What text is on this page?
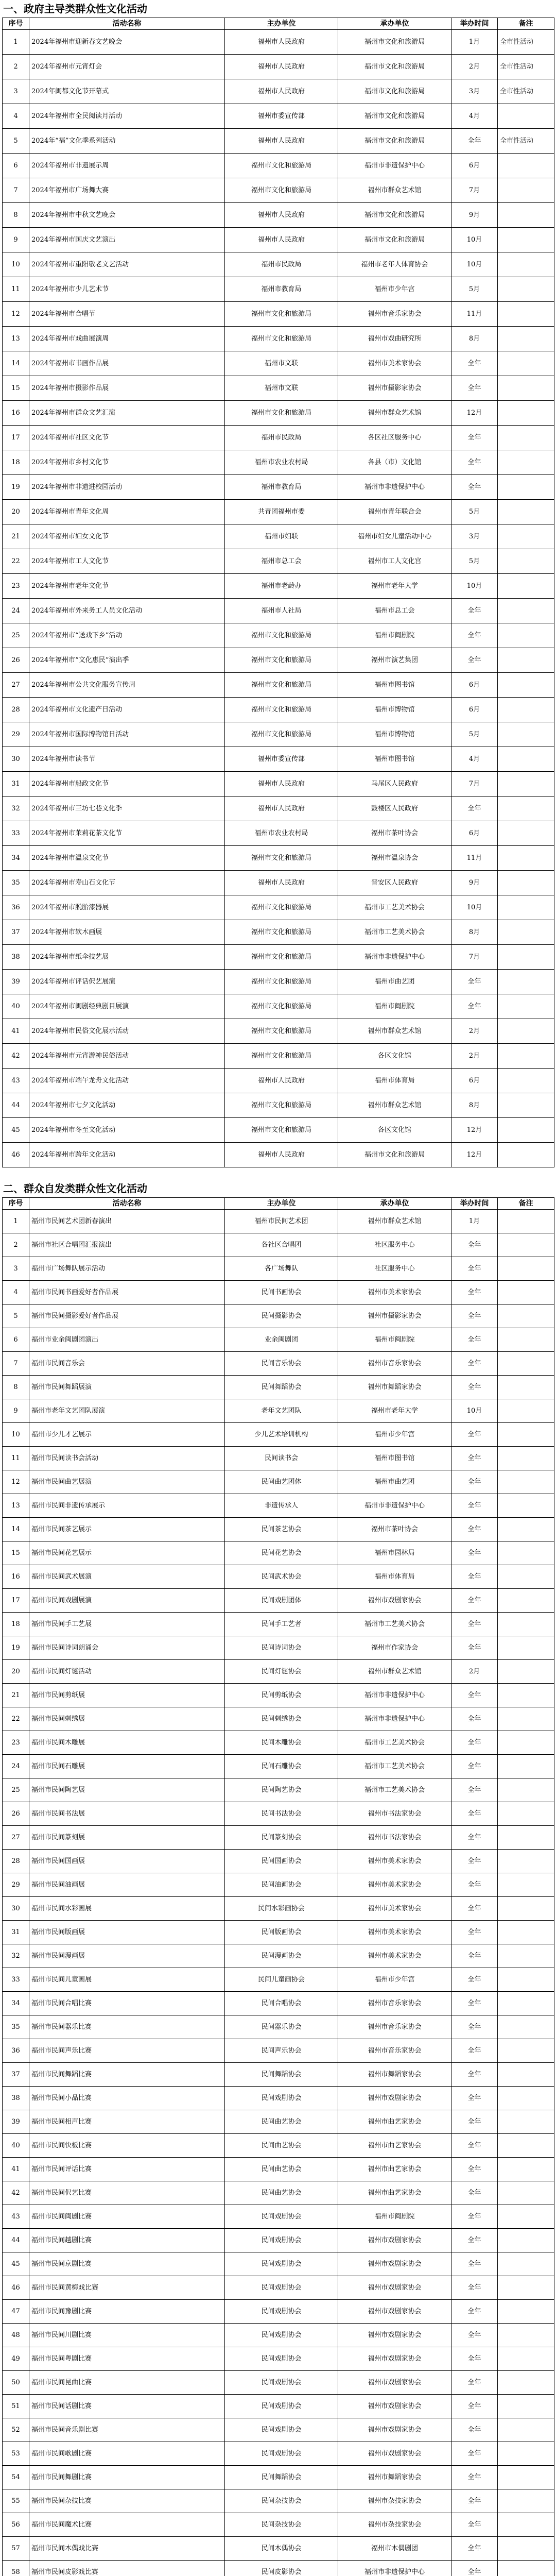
一、政府主导类群众性文化活动
序号	活动名称	主办单位	承办单位	举办时间	备注
1	2024年福州市迎新春文艺晚会	福州市人民政府	福州市文化和旅游局	1月	全市性活动
2	2024年福州市元宵灯会	福州市人民政府	福州市文化和旅游局	2月	全市性活动
3	2024年闽都文化节开幕式	福州市人民政府	福州市文化和旅游局	3月	全市性活动
4	2024年福州市全民阅读月活动	福州市委宣传部	福州市文化和旅游局	4月	
5	2024年“福”文化季系列活动	福州市人民政府	福州市文化和旅游局	全年	全市性活动
6	2024年福州市非遗展示周	福州市文化和旅游局	福州市非遗保护中心	6月	
7	2024年福州市广场舞大赛	福州市文化和旅游局	福州市群众艺术馆	7月	
8	2024年福州市中秋文艺晚会	福州市人民政府	福州市文化和旅游局	9月	
9	2024年福州市国庆文艺演出	福州市人民政府	福州市文化和旅游局	10月	
10	2024年福州市重阳敬老文艺活动	福州市民政局	福州市老年人体育协会	10月	
11	2024年福州市少儿艺术节	福州市教育局	福州市少年宫	5月	
12	2024年福州市合唱节	福州市文化和旅游局	福州市音乐家协会	11月	
13	2024年福州市戏曲展演周	福州市文化和旅游局	福州市戏曲研究所	8月	
14	2024年福州市书画作品展	福州市文联	福州市美术家协会	全年	
15	2024年福州市摄影作品展	福州市文联	福州市摄影家协会	全年	
16	2024年福州市群众文艺汇演	福州市文化和旅游局	福州市群众艺术馆	12月	
17	2024年福州市社区文化节	福州市民政局	各区社区服务中心	全年	
18	2024年福州市乡村文化节	福州市农业农村局	各县（市）文化馆	全年	
19	2024年福州市非遗进校园活动	福州市教育局	福州市非遗保护中心	全年	
20	2024年福州市青年文化周	共青团福州市委	福州市青年联合会	5月	
21	2024年福州市妇女文化节	福州市妇联	福州市妇女儿童活动中心	3月	
22	2024年福州市工人文化节	福州市总工会	福州市工人文化宫	5月	
23	2024年福州市老年文化节	福州市老龄办	福州市老年大学	10月	
24	2024年福州市外来务工人员文化活动	福州市人社局	福州市总工会	全年	
25	2024年福州市“送戏下乡”活动	福州市文化和旅游局	福州市闽剧院	全年	
26	2024年福州市“文化惠民”演出季	福州市文化和旅游局	福州市演艺集团	全年	
27	2024年福州市公共文化服务宣传周	福州市文化和旅游局	福州市图书馆	6月	
28	2024年福州市文化遗产日活动	福州市文化和旅游局	福州市博物馆	6月	
29	2024年福州市国际博物馆日活动	福州市文化和旅游局	福州市博物馆	5月	
30	2024年福州市读书节	福州市委宣传部	福州市图书馆	4月	
31	2024年福州市船政文化节	福州市人民政府	马尾区人民政府	7月	
32	2024年福州市三坊七巷文化季	福州市人民政府	鼓楼区人民政府	全年	
33	2024年福州市茉莉花茶文化节	福州市农业农村局	福州市茶叶协会	6月	
34	2024年福州市温泉文化节	福州市文化和旅游局	福州市温泉协会	11月	
35	2024年福州市寿山石文化节	福州市人民政府	晋安区人民政府	9月	
36	2024年福州市脱胎漆器展	福州市文化和旅游局	福州市工艺美术协会	10月	
37	2024年福州市软木画展	福州市文化和旅游局	福州市工艺美术协会	8月	
38	2024年福州市纸伞技艺展	福州市文化和旅游局	福州市非遗保护中心	7月	
39	2024年福州市评话伬艺展演	福州市文化和旅游局	福州市曲艺团	全年	
40	2024年福州市闽剧经典剧目展演	福州市文化和旅游局	福州市闽剧院	全年	
41	2024年福州市民俗文化展示活动	福州市文化和旅游局	福州市群众艺术馆	2月	
42	2024年福州市元宵游神民俗活动	福州市文化和旅游局	各区文化馆	2月	
43	2024年福州市端午龙舟文化活动	福州市人民政府	福州市体育局	6月	
44	2024年福州市七夕文化活动	福州市文化和旅游局	福州市群众艺术馆	8月	
45	2024年福州市冬至文化活动	福州市文化和旅游局	各区文化馆	12月	
46	2024年福州市跨年文化活动	福州市人民政府	福州市文化和旅游局	12月	
二、群众自发类群众性文化活动
序号	活动名称	主办单位	承办单位	举办时间	备注
1	福州市民间艺术团新春演出	福州市民间艺术团	福州市群众艺术馆	1月	
2	福州市社区合唱团汇报演出	各社区合唱团	社区服务中心	全年	
3	福州市广场舞队展示活动	各广场舞队	社区服务中心	全年	
4	福州市民间书画爱好者作品展	民间书画协会	福州市美术家协会	全年	
5	福州市民间摄影爱好者作品展	民间摄影协会	福州市摄影家协会	全年	
6	福州市业余闽剧团演出	业余闽剧团	福州市闽剧院	全年	
7	福州市民间音乐会	民间音乐协会	福州市音乐家协会	全年	
8	福州市民间舞蹈展演	民间舞蹈协会	福州市舞蹈家协会	全年	
9	福州市老年文艺团队展演	老年文艺团队	福州市老年大学	10月	
10	福州市少儿才艺展示	少儿艺术培训机构	福州市少年宫	全年	
11	福州市民间读书会活动	民间读书会	福州市图书馆	全年	
12	福州市民间曲艺展演	民间曲艺团体	福州市曲艺团	全年	
13	福州市民间非遗传承展示	非遗传承人	福州市非遗保护中心	全年	
14	福州市民间茶艺展示	民间茶艺协会	福州市茶叶协会	全年	
15	福州市民间花艺展示	民间花艺协会	福州市园林局	全年	
16	福州市民间武术展演	民间武术协会	福州市体育局	全年	
17	福州市民间戏剧展演	民间戏剧团体	福州市戏剧家协会	全年	
18	福州市民间手工艺展	民间手工艺者	福州市工艺美术协会	全年	
19	福州市民间诗词朗诵会	民间诗词协会	福州市作家协会	全年	
20	福州市民间灯谜活动	民间灯谜协会	福州市群众艺术馆	2月	
21	福州市民间剪纸展	民间剪纸协会	福州市非遗保护中心	全年	
22	福州市民间刺绣展	民间刺绣协会	福州市非遗保护中心	全年	
23	福州市民间木雕展	民间木雕协会	福州市工艺美术协会	全年	
24	福州市民间石雕展	民间石雕协会	福州市工艺美术协会	全年	
25	福州市民间陶艺展	民间陶艺协会	福州市工艺美术协会	全年	
26	福州市民间书法展	民间书法协会	福州市书法家协会	全年	
27	福州市民间篆刻展	民间篆刻协会	福州市书法家协会	全年	
28	福州市民间国画展	民间国画协会	福州市美术家协会	全年	
29	福州市民间油画展	民间油画协会	福州市美术家协会	全年	
30	福州市民间水彩画展	民间水彩画协会	福州市美术家协会	全年	
31	福州市民间版画展	民间版画协会	福州市美术家协会	全年	
32	福州市民间漫画展	民间漫画协会	福州市美术家协会	全年	
33	福州市民间儿童画展	民间儿童画协会	福州市少年宫	全年	
34	福州市民间合唱比赛	民间合唱协会	福州市音乐家协会	全年	
35	福州市民间器乐比赛	民间器乐协会	福州市音乐家协会	全年	
36	福州市民间声乐比赛	民间声乐协会	福州市音乐家协会	全年	
37	福州市民间舞蹈比赛	民间舞蹈协会	福州市舞蹈家协会	全年	
38	福州市民间小品比赛	民间戏剧协会	福州市戏剧家协会	全年	
39	福州市民间相声比赛	民间曲艺协会	福州市曲艺家协会	全年	
40	福州市民间快板比赛	民间曲艺协会	福州市曲艺家协会	全年	
41	福州市民间评话比赛	民间曲艺协会	福州市曲艺家协会	全年	
42	福州市民间伬艺比赛	民间曲艺协会	福州市曲艺家协会	全年	
43	福州市民间闽剧比赛	民间戏剧协会	福州市闽剧院	全年	
44	福州市民间越剧比赛	民间戏剧协会	福州市戏剧家协会	全年	
45	福州市民间京剧比赛	民间戏剧协会	福州市戏剧家协会	全年	
46	福州市民间黄梅戏比赛	民间戏剧协会	福州市戏剧家协会	全年	
47	福州市民间豫剧比赛	民间戏剧协会	福州市戏剧家协会	全年	
48	福州市民间川剧比赛	民间戏剧协会	福州市戏剧家协会	全年	
49	福州市民间粤剧比赛	民间戏剧协会	福州市戏剧家协会	全年	
50	福州市民间昆曲比赛	民间戏剧协会	福州市戏剧家协会	全年	
51	福州市民间话剧比赛	民间戏剧协会	福州市戏剧家协会	全年	
52	福州市民间音乐剧比赛	民间戏剧协会	福州市戏剧家协会	全年	
53	福州市民间歌剧比赛	民间戏剧协会	福州市戏剧家协会	全年	
54	福州市民间舞剧比赛	民间舞蹈协会	福州市舞蹈家协会	全年	
55	福州市民间杂技比赛	民间杂技协会	福州市杂技家协会	全年	
56	福州市民间魔术比赛	民间杂技协会	福州市杂技家协会	全年	
57	福州市民间木偶戏比赛	民间木偶协会	福州市木偶剧团	全年	
58	福州市民间皮影戏比赛	民间皮影协会	福州市非遗保护中心	全年	
